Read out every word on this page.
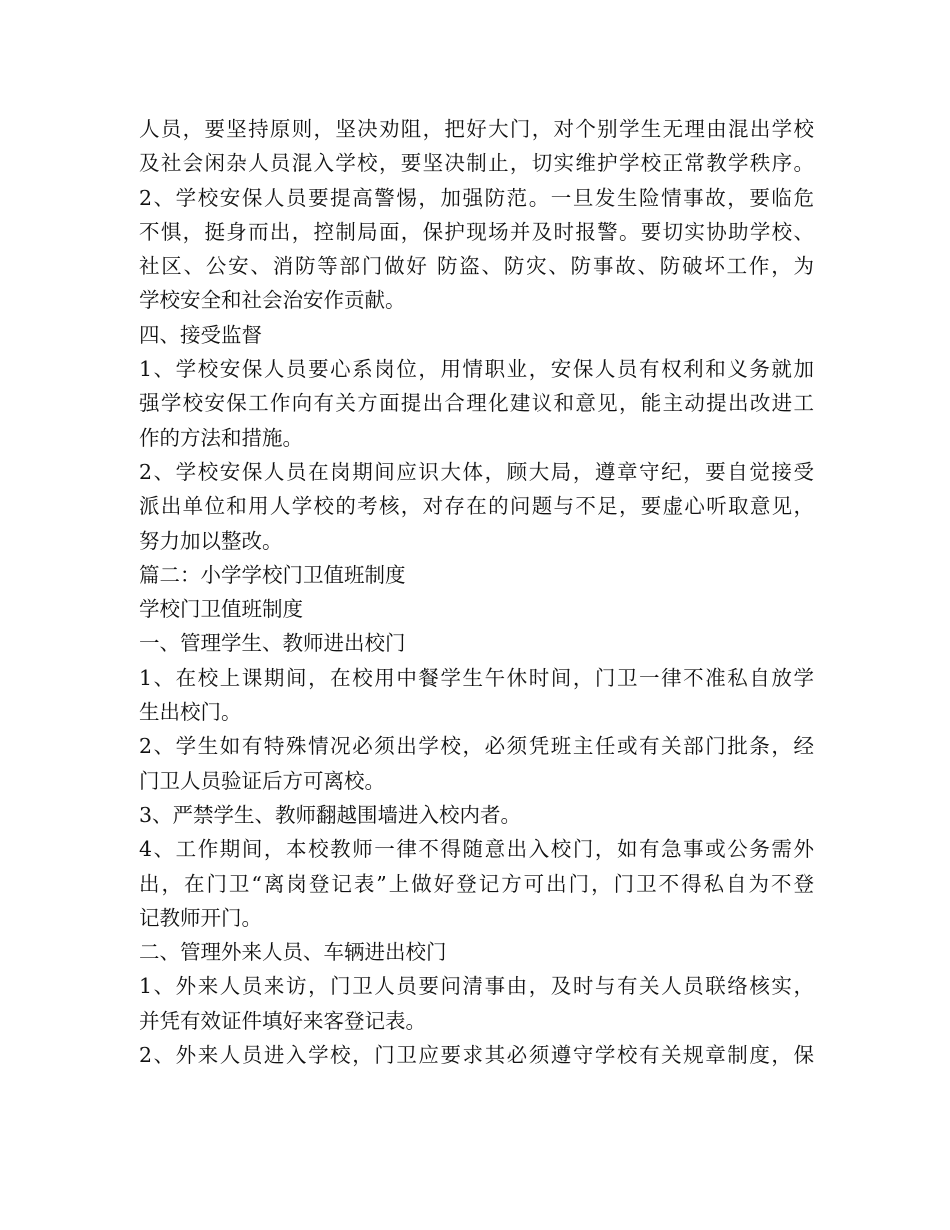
人员，要坚持原则，坚决劝阻，把好大门，对个别学生无理由混出学校
及社会闲杂人员混入学校，要坚决制止，切实维护学校正常教学秩序。
2、学校安保人员要提高警惕，加强防范。一旦发生险情事故，要临危
不惧，挺身而出，控制局面，保护现场并及时报警。要切实协助学校、
社区、公安、消防等部门做好 防盗、防灾、防事故、防破坏工作，为
学校安全和社会治安作贡献。
四、接受监督
1、学校安保人员要心系岗位，用情职业，安保人员有权利和义务就加
强学校安保工作向有关方面提出合理化建议和意见，能主动提出改进工
作的方法和措施。
2、学校安保人员在岗期间应识大体，顾大局，遵章守纪，要自觉接受
派出单位和用人学校的考核，对存在的问题与不足，要虚心听取意见，
努力加以整改。
篇二：小学学校门卫值班制度
学校门卫值班制度
一、管理学生、教师进出校门
1、在校上课期间，在校用中餐学生午休时间，门卫一律不准私自放学
生出校门。
2、学生如有特殊情况必须出学校，必须凭班主任或有关部门批条，经
门卫人员验证后方可离校。
3、严禁学生、教师翻越围墙进入校内者。
4、工作期间，本校教师一律不得随意出入校门，如有急事或公务需外
出，在门卫“离岗登记表”上做好登记方可出门，门卫不得私自为不登
记教师开门。
二、管理外来人员、车辆进出校门
1、外来人员来访，门卫人员要问清事由，及时与有关人员联络核实，
并凭有效证件填好来客登记表。
2、外来人员进入学校，门卫应要求其必须遵守学校有关规章制度，保
